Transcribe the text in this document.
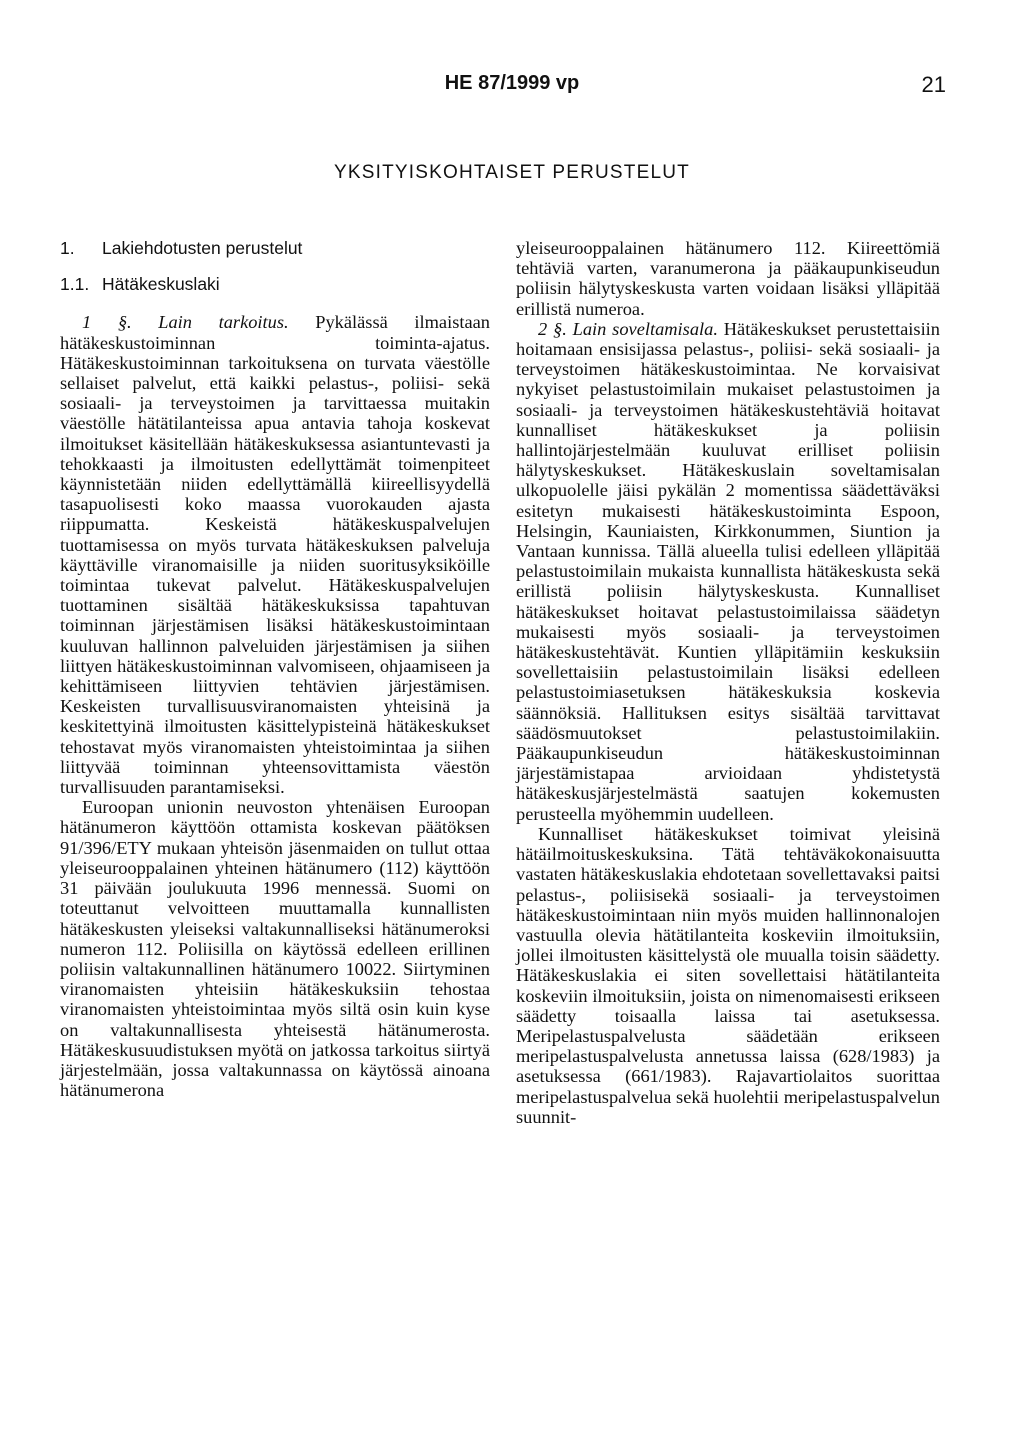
HE 87/1999 vp	21
YKSITYISKOHTAISET PERUSTELUT
1. Lakiehdotusten perustelut
1.1. Hätäkeskuslaki

1 §. Lain tarkoitus. Pykälässä ilmaistaan hätäkeskustoiminnan toiminta-ajatus. Hätäkeskustoiminnan tarkoituksena on turvata väestölle sellaiset palvelut, että kaikki pelastus-, poliisi- sekä sosiaali- ja terveystoimen ja tarvittaessa muitakin väestölle hätätilanteissa apua antavia tahoja koskevat ilmoitukset käsitellään hätäkeskuksessa asiantuntevasti ja tehokkaasti ja ilmoitusten edellyttämät toimenpiteet käynnistetään niiden edellyttämällä kiireellisyydellä tasapuolisesti koko maassa vuorokauden ajasta riippumatta. Keskeistä hätäkeskuspalvelujen tuottamisessa on myös turvata hätäkeskuksen palveluja käyttäville viranomaisille ja niiden suoritusyksiköille toimintaa tukevat palvelut. Hätäkeskuspalvelujen tuottaminen sisältää hätäkeskuksissa tapahtuvan toiminnan järjestämisen lisäksi hätäkeskustoimintaan kuuluvan hallinnon palveluiden järjestämisen ja siihen liittyen hätäkeskustoiminnan valvomiseen, ohjaamiseen ja kehittämiseen liittyvien tehtävien järjestämisen. Keskeisten turvallisuusviranomaisten yhteisinä ja keskitettyinä ilmoitusten käsittelypisteinä hätäkeskukset tehostavat myös viranomaisten yhteistoimintaa ja siihen liittyvää toiminnan yhteensovittamista väestön turvallisuuden parantamiseksi.

Euroopan unionin neuvoston yhtenäisen Euroopan hätänumeron käyttöön ottamista koskevan päätöksen 91/396/ETY mukaan yhteisön jäsenmaiden on tullut ottaa yleiseurooppalainen yhteinen hätänumero (112) käyttöön 31 päivään joulukuuta 1996 mennessä. Suomi on toteuttanut velvoitteen muuttamalla kunnallisten hätäkeskusten yleiseksi valtakunnalliseksi hätänumeroksi numeron 112. Poliisilla on käytössä edelleen erillinen poliisin valtakunnallinen hätänumero 10022. Siirtyminen viranomaisten yhteisiin hätäkeskuksiin tehostaa viranomaisten yhteistoimintaa myös siltä osin kuin kyse on valtakunnallisesta yhteisestä hätänumerosta. Hätäkeskusuudistuksen myötä on jatkossa tarkoitus siirtyä järjestelmään, jossa valtakunnassa on käytössä ainoana hätänumerona

yleiseurooppalainen hätänumero 112. Kiireettömiä tehtäviä varten, varanumerona ja pääkaupunkiseudun poliisin hälytyskeskusta varten voidaan lisäksi ylläpitää erillistä numeroa.

2 §. Lain soveltamisala. Hätäkeskukset perustettaisiin hoitamaan ensisijassa pelastus-, poliisi- sekä sosiaali- ja terveystoimen hätäkeskustoimintaa. Ne korvaisivat nykyiset pelastustoimilain mukaiset pelastustoimen ja sosiaali- ja terveystoimen hätäkeskustehtäviä hoitavat kunnalliset hätäkeskukset ja poliisin hallintojärjestelmään kuuluvat erilliset poliisin hälytyskeskukset. Hätäkeskuslain soveltamisalan ulkopuolelle jäisi pykälän 2 momentissa säädettäväksi esitetyn mukaisesti hätäkeskustoiminta Espoon, Helsingin, Kauniaisten, Kirkkonummen, Siuntion ja Vantaan kunnissa. Tällä alueella tulisi edelleen ylläpitää pelastustoimilain mukaista kunnallista hätäkeskusta sekä erillistä poliisin hälytyskeskusta. Kunnalliset hätäkeskukset hoitavat pelastustoimilaissa säädetyn mukaisesti myös sosiaali- ja terveystoimen hätäkeskustehtävät. Kuntien ylläpitämiin keskuksiin sovellettaisiin pelastustoimilain lisäksi edelleen pelastustoimiasetuksen hätäkeskuksia koskevia säännöksiä. Hallituksen esitys sisältää tarvittavat säädösmuutokset pelastustoimilakiin. Pääkaupunkiseudun hätäkeskustoiminnan järjestämistapaa arvioidaan yhdistetystä hätäkeskusjärjestelmästä saatujen kokemusten perusteella myöhemmin uudelleen.

Kunnalliset hätäkeskukset toimivat yleisinä hätäilmoituskeskuksina. Tätä tehtäväkokonaisuutta vastaten hätäkeskuslakia ehdotetaan sovellettavaksi paitsi pelastus-, poliisisekä sosiaali- ja terveystoimen hätäkeskustoimintaan niin myös muiden hallinnonalojen vastuulla olevia hätätilanteita koskeviin ilmoituksiin, jollei ilmoitusten käsittelystä ole muualla toisin säädetty. Hätäkeskuslakia ei siten sovellettaisi hätätilanteita koskeviin ilmoituksiin, joista on nimenomaisesti erikseen säädetty toisaalla laissa tai asetuksessa. Meripelastuspalvelusta säädetään erikseen meripelastuspalvelusta annetussa laissa (628/1983) ja asetuksessa (661/1983). Rajavartiolaitos suorittaa meripelastuspalvelua sekä huolehtii meripelastuspalvelun suunnit-
